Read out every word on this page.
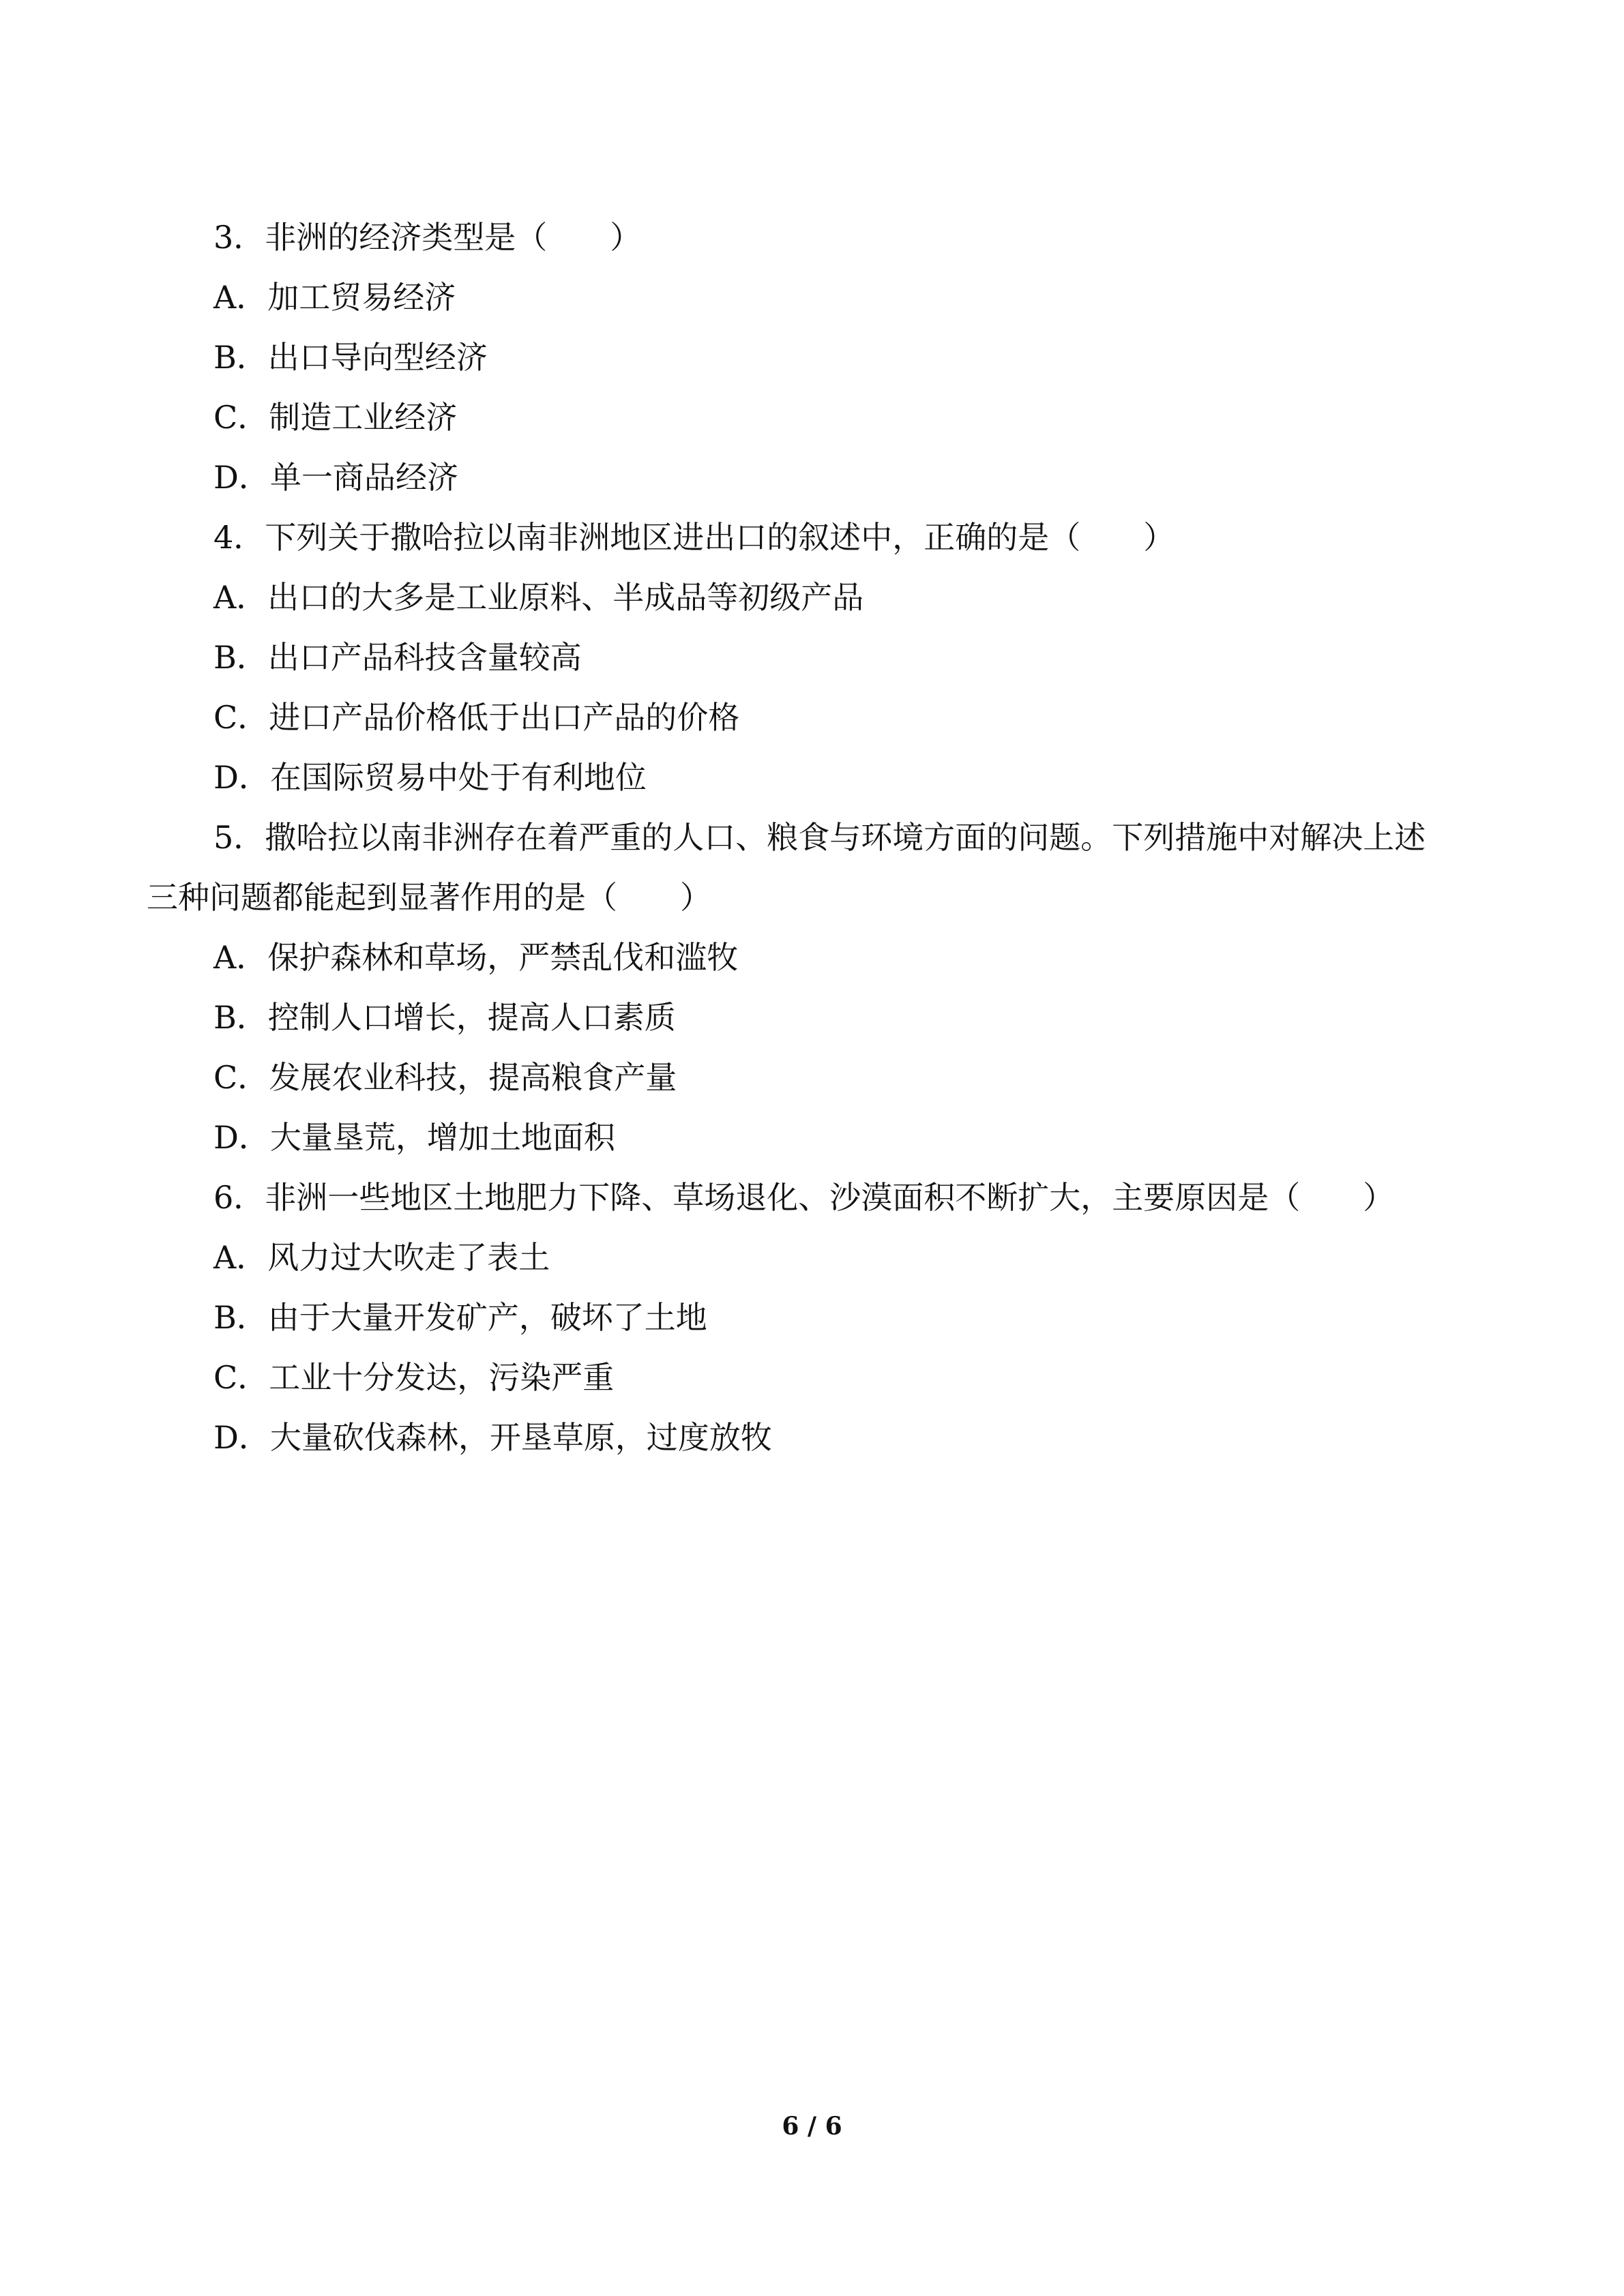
3．非洲的经济类型是（　　）
A．加工贸易经济
B．出口导向型经济
C．制造工业经济
D．单一商品经济
4．下列关于撒哈拉以南非洲地区进出口的叙述中，正确的是（　　）
A．出口的大多是工业原料、半成品等初级产品
B．出口产品科技含量较高
C．进口产品价格低于出口产品的价格
D．在国际贸易中处于有利地位
5．撒哈拉以南非洲存在着严重的人口、粮食与环境方面的问题。下列措施中对解决上述
三种问题都能起到显著作用的是（　　）
A．保护森林和草场，严禁乱伐和滥牧
B．控制人口增长，提高人口素质
C．发展农业科技，提高粮食产量
D．大量垦荒，增加土地面积
6．非洲一些地区土地肥力下降、草场退化、沙漠面积不断扩大，主要原因是（　　）
A．风力过大吹走了表土
B．由于大量开发矿产，破坏了土地
C．工业十分发达，污染严重
D．大量砍伐森林，开垦草原，过度放牧
6 / 6
